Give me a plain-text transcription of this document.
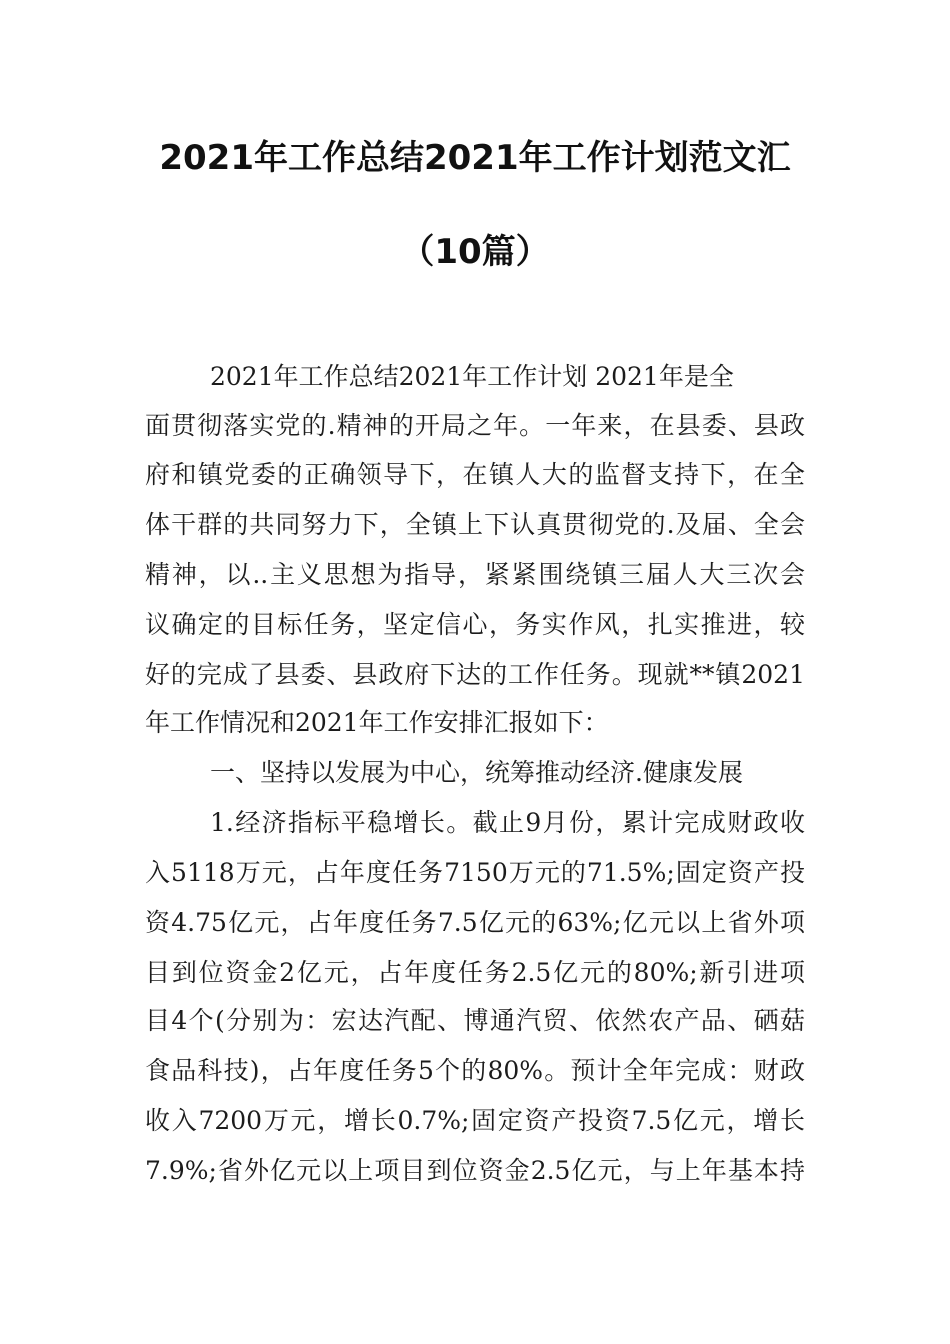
2021年工作总结2021年工作计划范文汇
（10篇）
2021年工作总结2021年工作计划 2021年是全
面贯彻落实党的.精神的开局之年。一年来，在县委、县政
府和镇党委的正确领导下，在镇人大的监督支持下，在全
体干群的共同努力下，全镇上下认真贯彻党的.及届、全会
精神，以..主义思想为指导，紧紧围绕镇三届人大三次会
议确定的目标任务，坚定信心，务实作风，扎实推进，较
好的完成了县委、县政府下达的工作任务。现就**镇2021
年工作情况和2021年工作安排汇报如下：
一、坚持以发展为中心，统筹推动经济.健康发展
1.经济指标平稳增长。截止9月份，累计完成财政收
入5118万元，占年度任务7150万元的71.5%;固定资产投
资4.75亿元，占年度任务7.5亿元的63%;亿元以上省外项
目到位资金2亿元，占年度任务2.5亿元的80%;新引进项
目4个(分别为：宏达汽配、博通汽贸、依然农产品、硒菇
食品科技)，占年度任务5个的80%。预计全年完成：财政
收入7200万元，增长0.7%;固定资产投资7.5亿元，增长
7.9%;省外亿元以上项目到位资金2.5亿元，与上年基本持
